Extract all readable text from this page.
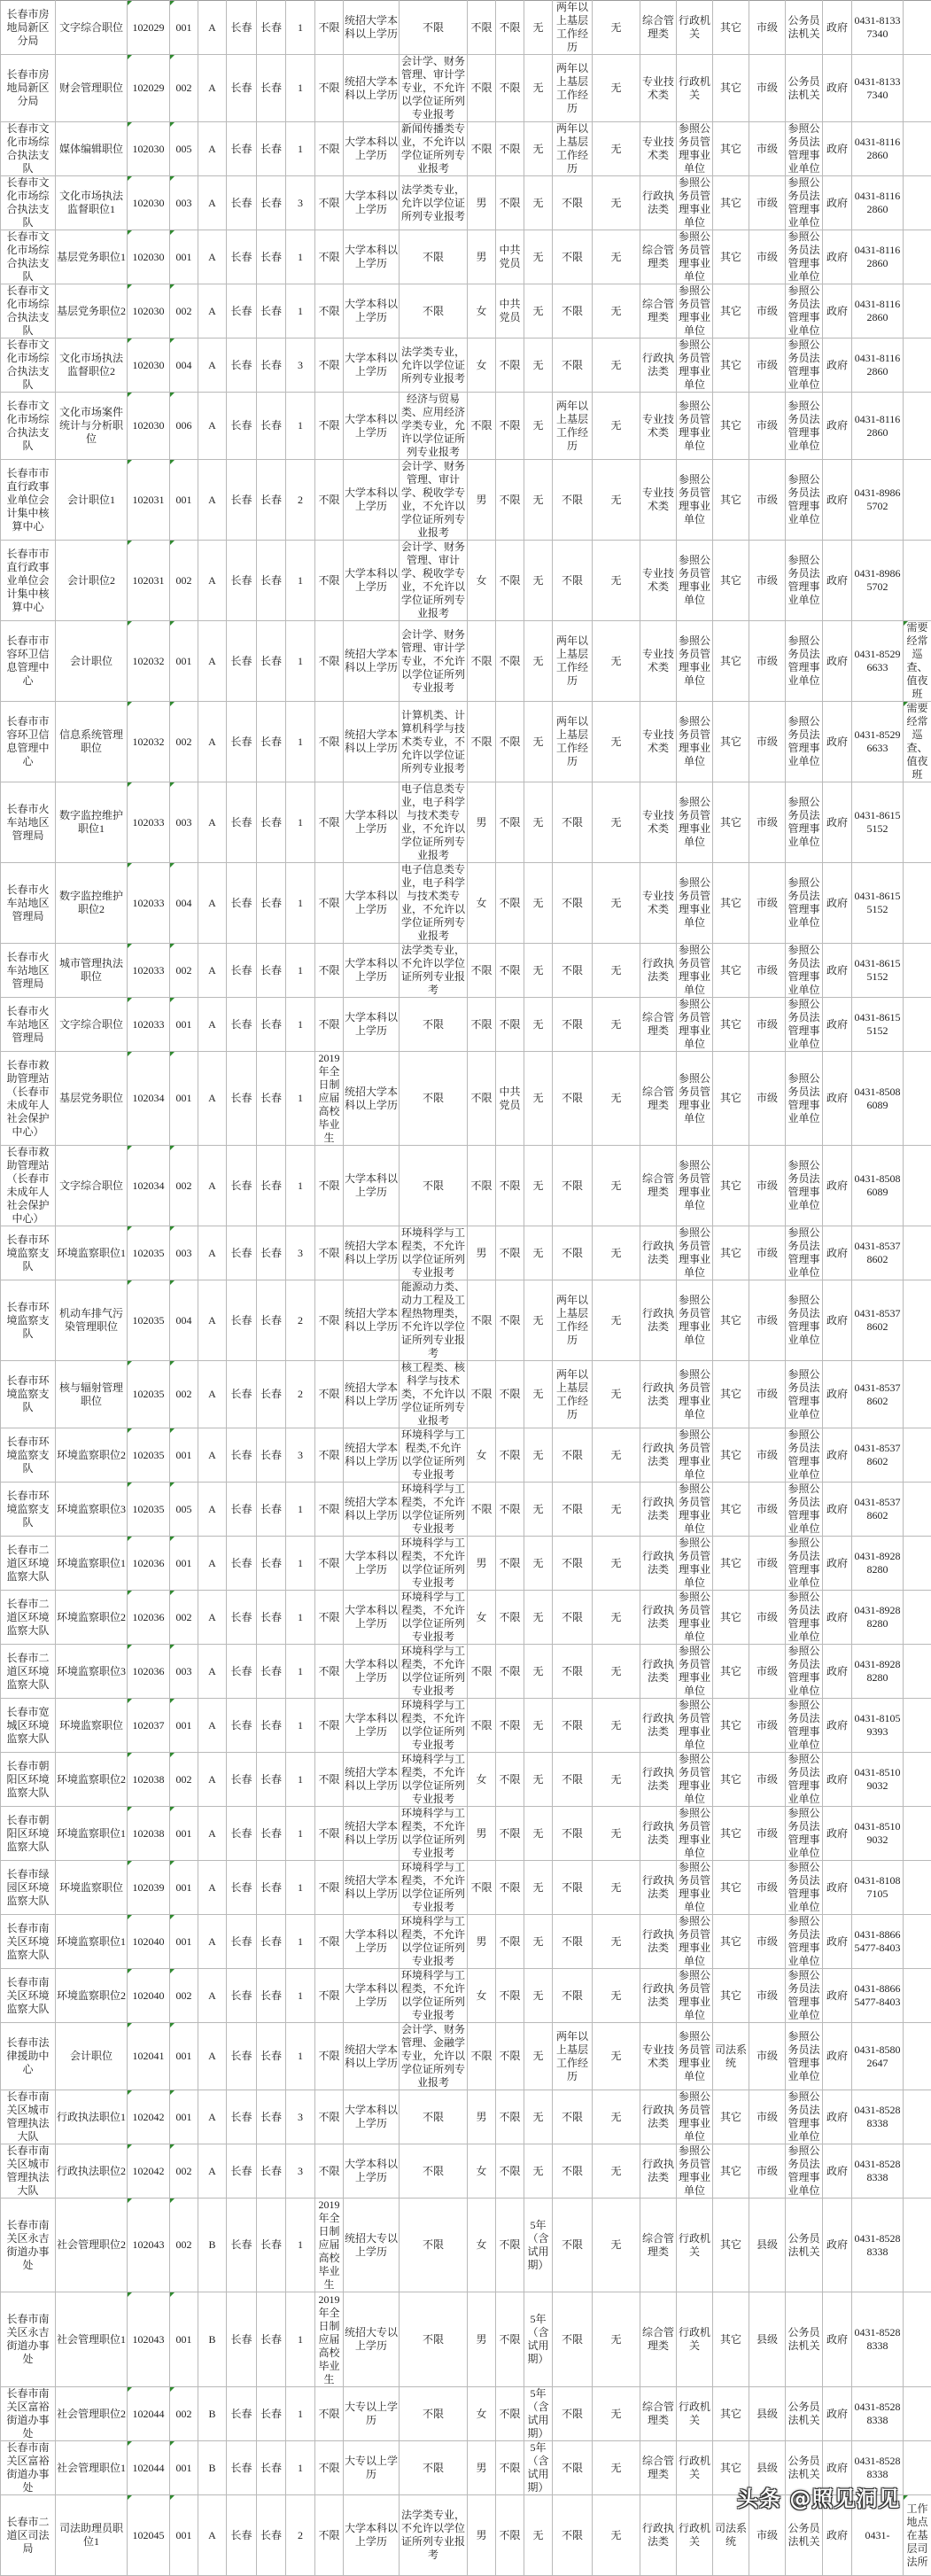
长春市房地局新区分局	文字综合职位	102029	001	A	长春	长春	1	不限	统招大学本科以上学历	不限	不限	不限	无	两年以上基层工作经历	无	综合管理类	行政机关	其它	市级	公务员法机关	政府	0431-81337340	
长春市房地局新区分局	财会管理职位	102029	002	A	长春	长春	1	不限	统招大学本科以上学历	会计学、财务管理、审计学专业，不允许以学位证所列专业报考	不限	不限	无	两年以上基层工作经历	无	专业技术类	行政机关	其它	市级	公务员法机关	政府	0431-81337340	
长春市文化市场综合执法支队	媒体编辑职位	102030	005	A	长春	长春	1	不限	大学本科以上学历	新闻传播类专业，不允许以学位证所列专业报考	不限	不限	无	两年以上基层工作经历	无	专业技术类	参照公务员管理事业单位	其它	市级	参照公务员法管理事业单位	政府	0431-81162860	
长春市文化市场综合执法支队	文化市场执法监督职位1	102030	003	A	长春	长春	3	不限	大学本科以上学历	法学类专业，允许以学位证所列专业报考	男	不限	无	不限	无	行政执法类	参照公务员管理事业单位	其它	市级	参照公务员法管理事业单位	政府	0431-81162860	
长春市文化市场综合执法支队	基层党务职位1	102030	001	A	长春	长春	1	不限	大学本科以上学历	不限	男	中共党员	无	不限	无	综合管理类	参照公务员管理事业单位	其它	市级	参照公务员法管理事业单位	政府	0431-81162860	
长春市文化市场综合执法支队	基层党务职位2	102030	002	A	长春	长春	1	不限	大学本科以上学历	不限	女	中共党员	无	不限	无	综合管理类	参照公务员管理事业单位	其它	市级	参照公务员法管理事业单位	政府	0431-81162860	
长春市文化市场综合执法支队	文化市场执法监督职位2	102030	004	A	长春	长春	3	不限	大学本科以上学历	法学类专业，允许以学位证所列专业报考	女	不限	无	不限	无	行政执法类	参照公务员管理事业单位	其它	市级	参照公务员法管理事业单位	政府	0431-81162860	
长春市文化市场综合执法支队	文化市场案件统计与分析职位	102030	006	A	长春	长春	1	不限	大学本科以上学历	经济与贸易类、应用经济学类专业，允许以学位证所列专业报考	不限	不限	无	两年以上基层工作经历	无	专业技术类	参照公务员管理事业单位	其它	市级	参照公务员法管理事业单位	政府	0431-81162860	
长春市市直行政事业单位会计集中核算中心	会计职位1	102031	001	A	长春	长春	2	不限	大学本科以上学历	会计学、财务管理、审计学、税收学专业，不允许以学位证所列专业报考	男	不限	无	不限	无	专业技术类	参照公务员管理事业单位	其它	市级	参照公务员法管理事业单位	政府	0431-89865702	
长春市市直行政事业单位会计集中核算中心	会计职位2	102031	002	A	长春	长春	1	不限	大学本科以上学历	会计学、财务管理、审计学、税收学专业，不允许以学位证所列专业报考	女	不限	无	不限	无	专业技术类	参照公务员管理事业单位	其它	市级	参照公务员法管理事业单位	政府	0431-89865702	
长春市市容环卫信息管理中心	会计职位	102032	001	A	长春	长春	1	不限	统招大学本科以上学历	会计学、财务管理、审计学专业，不允许以学位证所列专业报考	不限	不限	无	两年以上基层工作经历	无	专业技术类	参照公务员管理事业单位	其它	市级	参照公务员法管理事业单位	政府	0431-85296633	需要经常巡查、值夜班
长春市市容环卫信息管理中心	信息系统管理职位	102032	002	A	长春	长春	1	不限	统招大学本科以上学历	计算机类、计算机科学与技术类专业，不允许以学位证所列专业报考	不限	不限	无	两年以上基层工作经历	无	专业技术类	参照公务员管理事业单位	其它	市级	参照公务员法管理事业单位	政府	0431-85296633	需要经常巡查、值夜班
长春市火车站地区管理局	数字监控维护职位1	102033	003	A	长春	长春	1	不限	大学本科以上学历	电子信息类专业，电子科学与技术类专业，不允许以学位证所列专业报考	男	不限	无	不限	无	专业技术类	参照公务员管理事业单位	其它	市级	参照公务员法管理事业单位	政府	0431-86155152	
长春市火车站地区管理局	数字监控维护职位2	102033	004	A	长春	长春	1	不限	大学本科以上学历	电子信息类专业，电子科学与技术类专业，不允许以学位证所列专业报考	女	不限	无	不限	无	专业技术类	参照公务员管理事业单位	其它	市级	参照公务员法管理事业单位	政府	0431-86155152	
长春市火车站地区管理局	城市管理执法职位	102033	002	A	长春	长春	1	不限	大学本科以上学历	法学类专业，不允许以学位证所列专业报考	不限	不限	无	不限	无	行政执法类	参照公务员管理事业单位	其它	市级	参照公务员法管理事业单位	政府	0431-86155152	
长春市火车站地区管理局	文字综合职位	102033	001	A	长春	长春	1	不限	大学本科以上学历	不限	不限	不限	无	不限	无	综合管理类	参照公务员管理事业单位	其它	市级	参照公务员法管理事业单位	政府	0431-86155152	
长春市救助管理站（长春市未成年人社会保护中心）	基层党务职位	102034	001	A	长春	长春	1	2019年全日制应届高校毕业生	统招大学本科以上学历	不限	不限	中共党员	无	不限	无	综合管理类	参照公务员管理事业单位	其它	市级	参照公务员法管理事业单位	政府	0431-85086089	
长春市救助管理站（长春市未成年人社会保护中心）	文字综合职位	102034	002	A	长春	长春	1	不限	大学本科以上学历	不限	不限	不限	无	不限	无	综合管理类	参照公务员管理事业单位	其它	市级	参照公务员法管理事业单位	政府	0431-85086089	
长春市环境监察支队	环境监察职位1	102035	003	A	长春	长春	3	不限	统招大学本科以上学历	环境科学与工程类，不允许以学位证所列专业报考	男	不限	无	不限	无	行政执法类	参照公务员管理事业单位	其它	市级	参照公务员法管理事业单位	政府	0431-85378602	
长春市环境监察支队	机动车排气污染管理职位	102035	004	A	长春	长春	2	不限	统招大学本科以上学历	能源动力类、动力工程及工程热物理类，不允许以学位证所列专业报考	不限	不限	无	两年以上基层工作经历	无	行政执法类	参照公务员管理事业单位	其它	市级	参照公务员法管理事业单位	政府	0431-85378602	
长春市环境监察支队	核与辐射管理职位	102035	002	A	长春	长春	2	不限	统招大学本科以上学历	核工程类、核科学与技术类，不允许以学位证所列专业报考	不限	不限	无	两年以上基层工作经历	无	行政执法类	参照公务员管理事业单位	其它	市级	参照公务员法管理事业单位	政府	0431-85378602	
长春市环境监察支队	环境监察职位2	102035	001	A	长春	长春	3	不限	统招大学本科以上学历	环境科学与工程类,不允许以学位证所列专业报考	女	不限	无	不限	无	行政执法类	参照公务员管理事业单位	其它	市级	参照公务员法管理事业单位	政府	0431-85378602	
长春市环境监察支队	环境监察职位3	102035	005	A	长春	长春	1	不限	统招大学本科以上学历	环境科学与工程类，不允许以学位证所列专业报考	不限	不限	无	不限	无	行政执法类	参照公务员管理事业单位	其它	市级	参照公务员法管理事业单位	政府	0431-85378602	
长春市二道区环境监察大队	环境监察职位1	102036	001	A	长春	长春	1	不限	大学本科以上学历	环境科学与工程类，不允许以学位证所列专业报考	男	不限	无	不限	无	行政执法类	参照公务员管理事业单位	其它	市级	参照公务员法管理事业单位	政府	0431-89288280	
长春市二道区环境监察大队	环境监察职位2	102036	002	A	长春	长春	1	不限	大学本科以上学历	环境科学与工程类，不允许以学位证所列专业报考	女	不限	无	不限	无	行政执法类	参照公务员管理事业单位	其它	市级	参照公务员法管理事业单位	政府	0431-89288280	
长春市二道区环境监察大队	环境监察职位3	102036	003	A	长春	长春	1	不限	大学本科以上学历	环境科学与工程类，不允许以学位证所列专业报考	不限	不限	无	不限	无	行政执法类	参照公务员管理事业单位	其它	市级	参照公务员法管理事业单位	政府	0431-89288280	
长春市宽城区环境监察大队	环境监察职位	102037	001	A	长春	长春	1	不限	大学本科以上学历	环境科学与工程类，不允许以学位证所列专业报考	不限	不限	无	不限	无	行政执法类	参照公务员管理事业单位	其它	市级	参照公务员法管理事业单位	政府	0431-81059393	
长春市朝阳区环境监察大队	环境监察职位2	102038	002	A	长春	长春	1	不限	统招大学本科以上学历	环境科学与工程类，不允许以学位证所列专业报考	女	不限	无	不限	无	行政执法类	参照公务员管理事业单位	其它	市级	参照公务员法管理事业单位	政府	0431-85109032	
长春市朝阳区环境监察大队	环境监察职位1	102038	001	A	长春	长春	1	不限	统招大学本科以上学历	环境科学与工程类，不允许以学位证所列专业报考	男	不限	无	不限	无	行政执法类	参照公务员管理事业单位	其它	市级	参照公务员法管理事业单位	政府	0431-85109032	
长春市绿园区环境监察大队	环境监察职位	102039	001	A	长春	长春	1	不限	统招大学本科以上学历	环境科学与工程类，不允许以学位证所列专业报考	不限	不限	无	不限	无	行政执法类	参照公务员管理事业单位	其它	市级	参照公务员法管理事业单位	政府	0431-81087105	
长春市南关区环境监察大队	环境监察职位1	102040	001	A	长春	长春	1	不限	大学本科以上学历	环境科学与工程类，不允许以学位证所列专业报考	男	不限	无	不限	无	行政执法类	参照公务员管理事业单位	其它	市级	参照公务员法管理事业单位	政府	0431-88665477-8403	
长春市南关区环境监察大队	环境监察职位2	102040	002	A	长春	长春	1	不限	大学本科以上学历	环境科学与工程类，不允许以学位证所列专业报考	女	不限	无	不限	无	行政执法类	参照公务员管理事业单位	其它	市级	参照公务员法管理事业单位	政府	0431-88665477-8403	
长春市法律援助中心	会计职位	102041	001	A	长春	长春	1	不限	统招大学本科以上学历	会计学、财务管理、金融学专业，允许以学位证所列专业报考	不限	不限	无	两年以上基层工作经历	无	专业技术类	参照公务员管理事业单位	司法系统	市级	参照公务员法管理事业单位	政府	0431-85802647	
长春市南关区城市管理执法大队	行政执法职位1	102042	001	A	长春	长春	3	不限	大学本科以上学历	不限	男	不限	无	不限	无	行政执法类	参照公务员管理事业单位	其它	市级	参照公务员法管理事业单位	政府	0431-85288338	
长春市南关区城市管理执法大队	行政执法职位2	102042	002	A	长春	长春	3	不限	大学本科以上学历	不限	女	不限	无	不限	无	行政执法类	参照公务员管理事业单位	其它	市级	参照公务员法管理事业单位	政府	0431-85288338	
长春市南关区永吉街道办事处	社会管理职位2	102043	002	B	长春	长春	1	2019年全日制应届高校毕业生	统招大专以上学历	不限	女	不限	5年（含试用期）	不限	无	综合管理类	行政机关	其它	县级	公务员法机关	政府	0431-85288338	
长春市南关区永吉街道办事处	社会管理职位1	102043	001	B	长春	长春	1	2019年全日制应届高校毕业生	统招大专以上学历	不限	男	不限	5年（含试用期）	不限	无	综合管理类	行政机关	其它	县级	公务员法机关	政府	0431-85288338	
长春市南关区富裕街道办事处	社会管理职位2	102044	002	B	长春	长春	1	不限	大专以上学历	不限	女	不限	5年（含试用期）	不限	无	综合管理类	行政机关	其它	县级	公务员法机关	政府	0431-85288338	
长春市南关区富裕街道办事处	社会管理职位1	102044	001	B	长春	长春	1	不限	大专以上学历	不限	男	不限	5年（含试用期）	不限	无	综合管理类	行政机关	其它	县级	公务员法机关	政府	0431-85288338	
长春市二道区司法局	司法助理员职位1	102045	001	A	长春	长春	2	不限	大学本科以上学历	法学类专业，不允许以学位证所列专业报考	男	不限	无	不限	无	行政执法类	行政机关	司法系统	市级	公务员法机关	政府	0431-	工作地点在基层司法所
头条 @照见洞见
